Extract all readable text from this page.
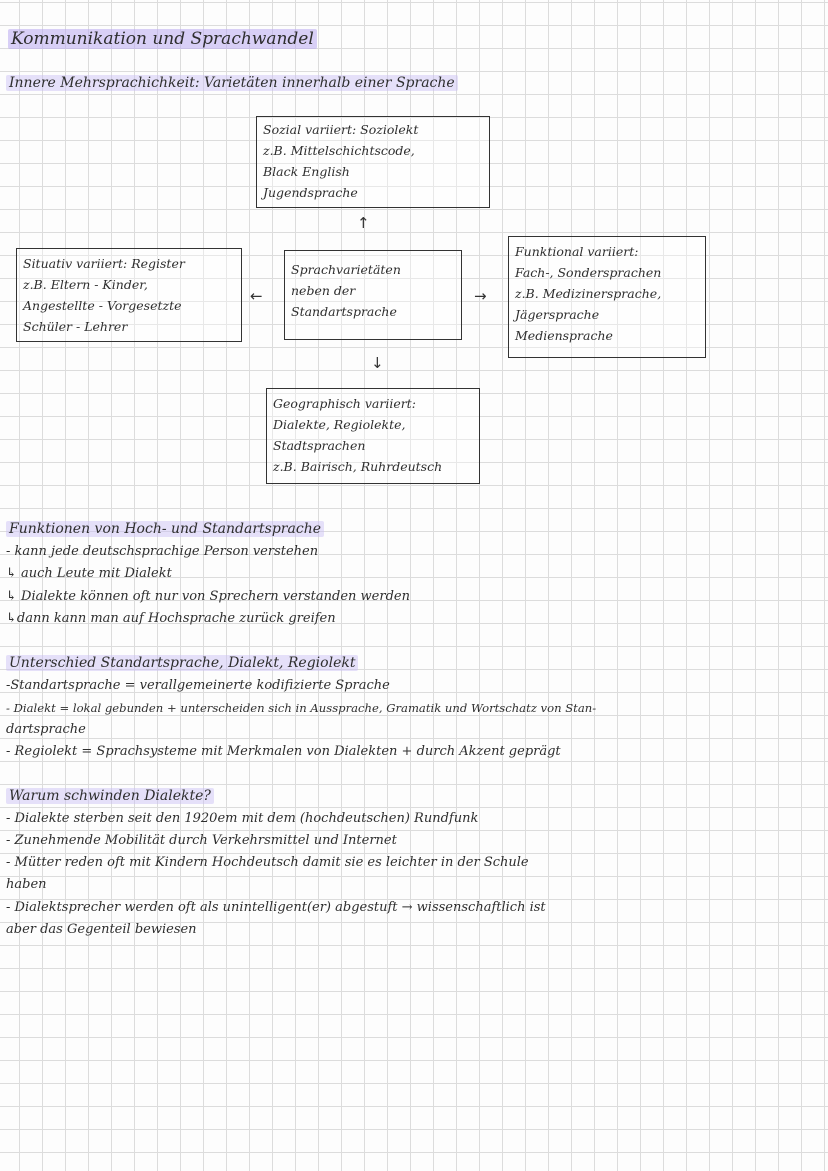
Kommunikation und Sprachwandel
Innere Mehrsprachichkeit: Varietäten innerhalb einer Sprache
Sozial variiert: Soziolekt
z.B. Mittelschichtscode,
Black English
Jugendsprache
↑
Situativ variiert: Register
z.B. Eltern - Kinder,
Angestellte - Vorgesetzte
Schüler - Lehrer
←
Sprachvarietäten
neben der
Standartsprache
→
Funktional variiert:
Fach-, Sondersprachen
z.B. Medizinersprache,
Jägersprache
Mediensprache
↓
Geographisch variiert:
Dialekte, Regiolekte,
Stadtsprachen
z.B. Bairisch, Ruhrdeutsch
Funktionen von Hoch- und Standartsprache
- kann jede deutschsprachige Person verstehen
↳ auch Leute mit Dialekt
↳ Dialekte können oft nur von Sprechern verstanden werden
↳dann kann man auf Hochsprache zurück greifen
Unterschied Standartsprache, Dialekt, Regiolekt
-Standartsprache = verallgemeinerte kodifizierte Sprache
- Dialekt = lokal gebunden + unterscheiden sich in Aussprache, Gramatik und Wortschatz von Stan-
dartsprache
- Regiolekt = Sprachsysteme mit Merkmalen von Dialekten + durch Akzent geprägt
Warum schwinden Dialekte?
- Dialekte sterben seit den 1920em mit dem (hochdeutschen) Rundfunk
- Zunehmende Mobilität durch Verkehrsmittel und Internet
- Mütter reden oft mit Kindern Hochdeutsch damit sie es leichter in der Schule
haben
- Dialektsprecher werden oft als unintelligent(er) abgestuft → wissenschaftlich ist
aber das Gegenteil bewiesen
